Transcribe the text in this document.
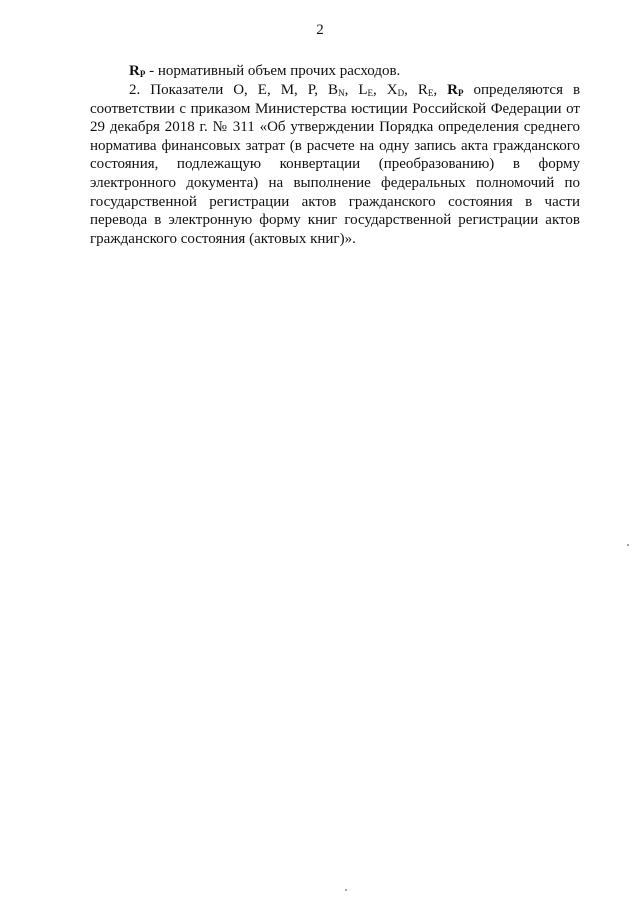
2

$R_P$ - нормативный объем прочих расходов.

2. Показатели О, Е, М, Р, $B_N$, $L_E$, $X_D$, $R_E$, $R_P$ определяются в
соответствии с приказом Министерства юстиции Российской Федерации от
29 декабря 2018 г. № 311 «Об утверждении Порядка определения среднего
норматива финансовых затрат (в расчете на одну запись акта гражданского
состояния, подлежащую конвертации (преобразованию) в форму
электронного документа) на выполнение федеральных полномочий по
государственной регистрации актов гражданского состояния в части
перевода в электронную форму книг государственной регистрации актов
гражданского состояния (актовых книг)».
